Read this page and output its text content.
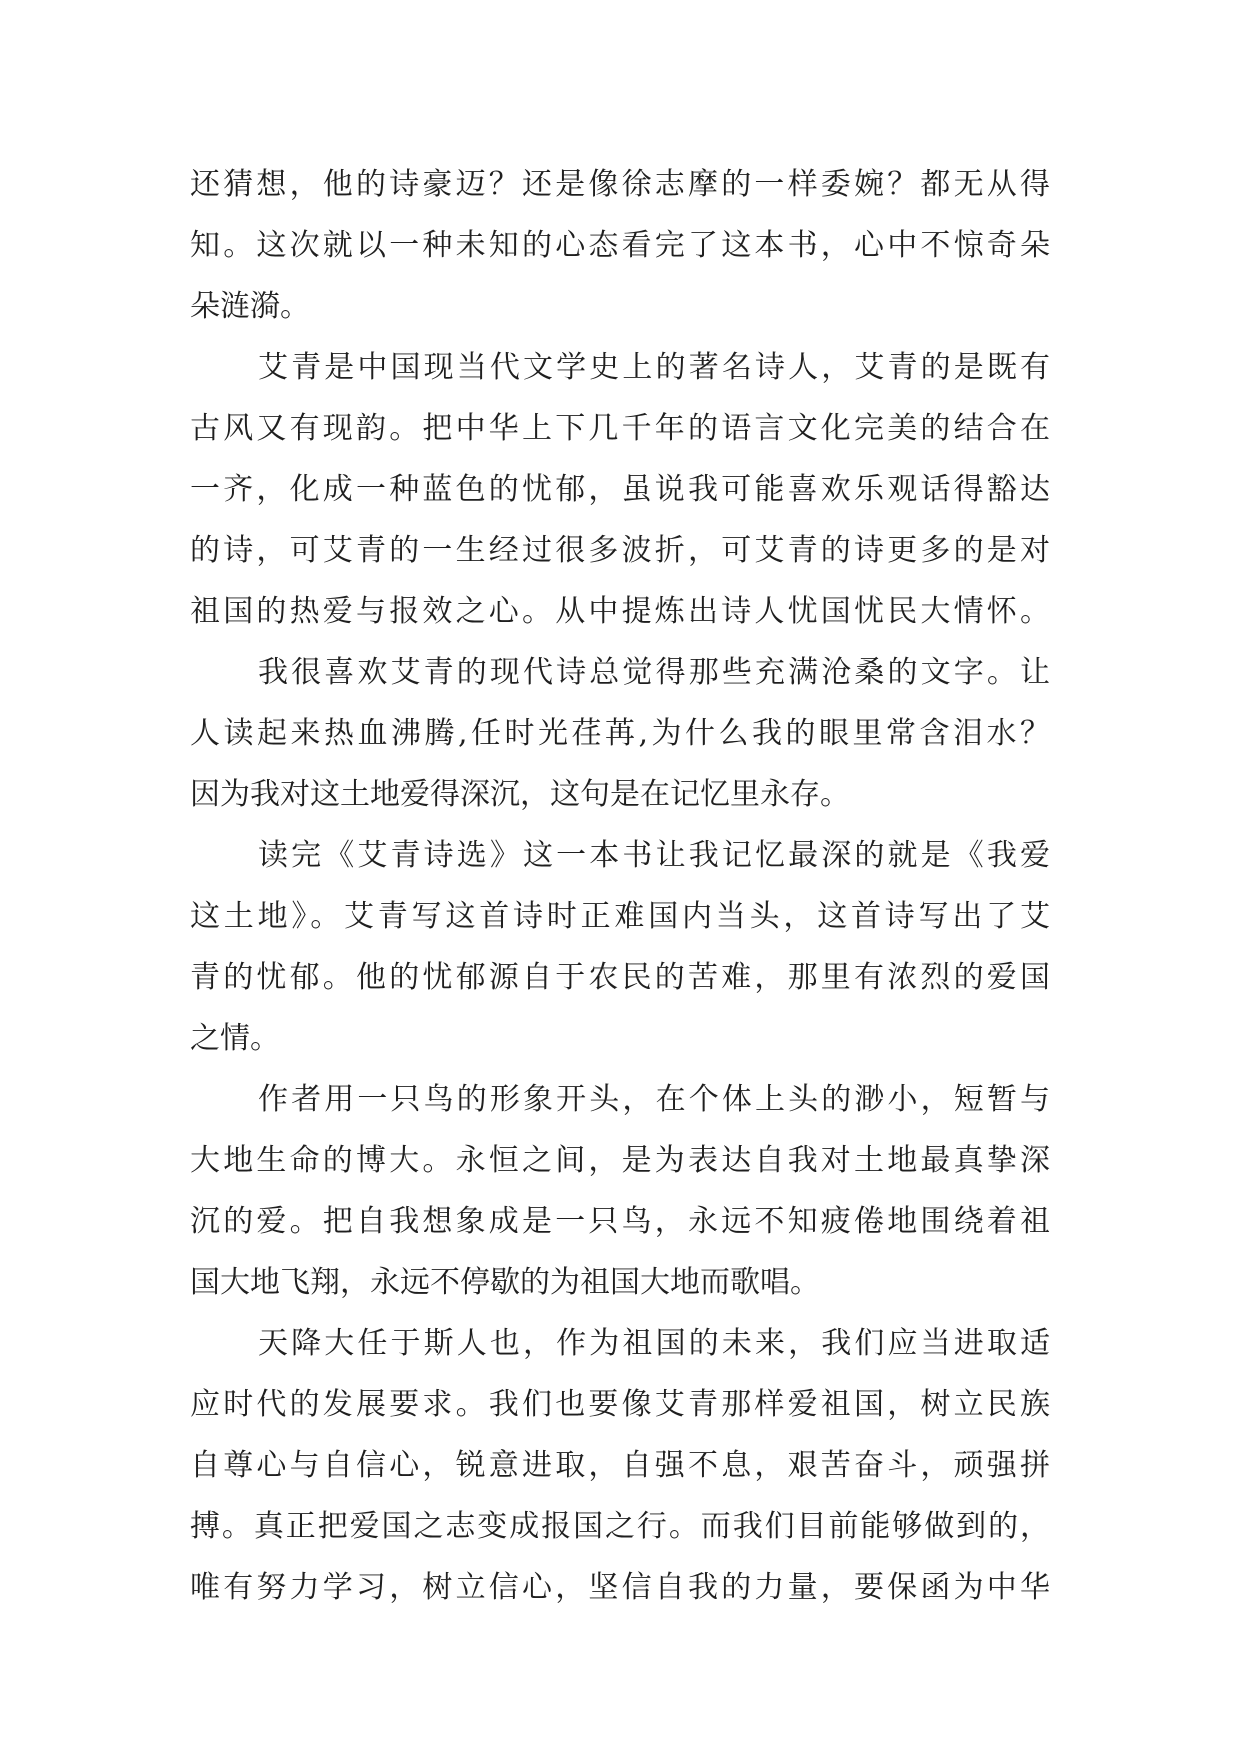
还猜想，他的诗豪迈？还是像徐志摩的一样委婉？都无从得
知。这次就以一种未知的心态看完了这本书，心中不惊奇朵
朵涟漪。
艾青是中国现当代文学史上的著名诗人，艾青的是既有
古风又有现韵。把中华上下几千年的语言文化完美的结合在
一齐，化成一种蓝色的忧郁，虽说我可能喜欢乐观话得豁达
的诗，可艾青的一生经过很多波折，可艾青的诗更多的是对
祖国的热爱与报效之心。从中提炼出诗人忧国忧民大情怀。
我很喜欢艾青的现代诗总觉得那些充满沧桑的文字。让
人读起来热血沸腾,任时光荏苒,为什么我的眼里常含泪水？
因为我对这土地爱得深沉，这句是在记忆里永存。
读完《艾青诗选》这一本书让我记忆最深的就是《我爱
这土地》。艾青写这首诗时正难国内当头，这首诗写出了艾
青的忧郁。他的忧郁源自于农民的苦难，那里有浓烈的爱国
之情。
作者用一只鸟的形象开头，在个体上头的渺小，短暂与
大地生命的博大。永恒之间，是为表达自我对土地最真挚深
沉的爱。把自我想象成是一只鸟，永远不知疲倦地围绕着祖
国大地飞翔，永远不停歇的为祖国大地而歌唱。
天降大任于斯人也，作为祖国的未来，我们应当进取适
应时代的发展要求。我们也要像艾青那样爱祖国，树立民族
自尊心与自信心，锐意进取，自强不息，艰苦奋斗，顽强拼
搏。真正把爱国之志变成报国之行。而我们目前能够做到的，
唯有努力学习，树立信心，坚信自我的力量，要保函为中华
